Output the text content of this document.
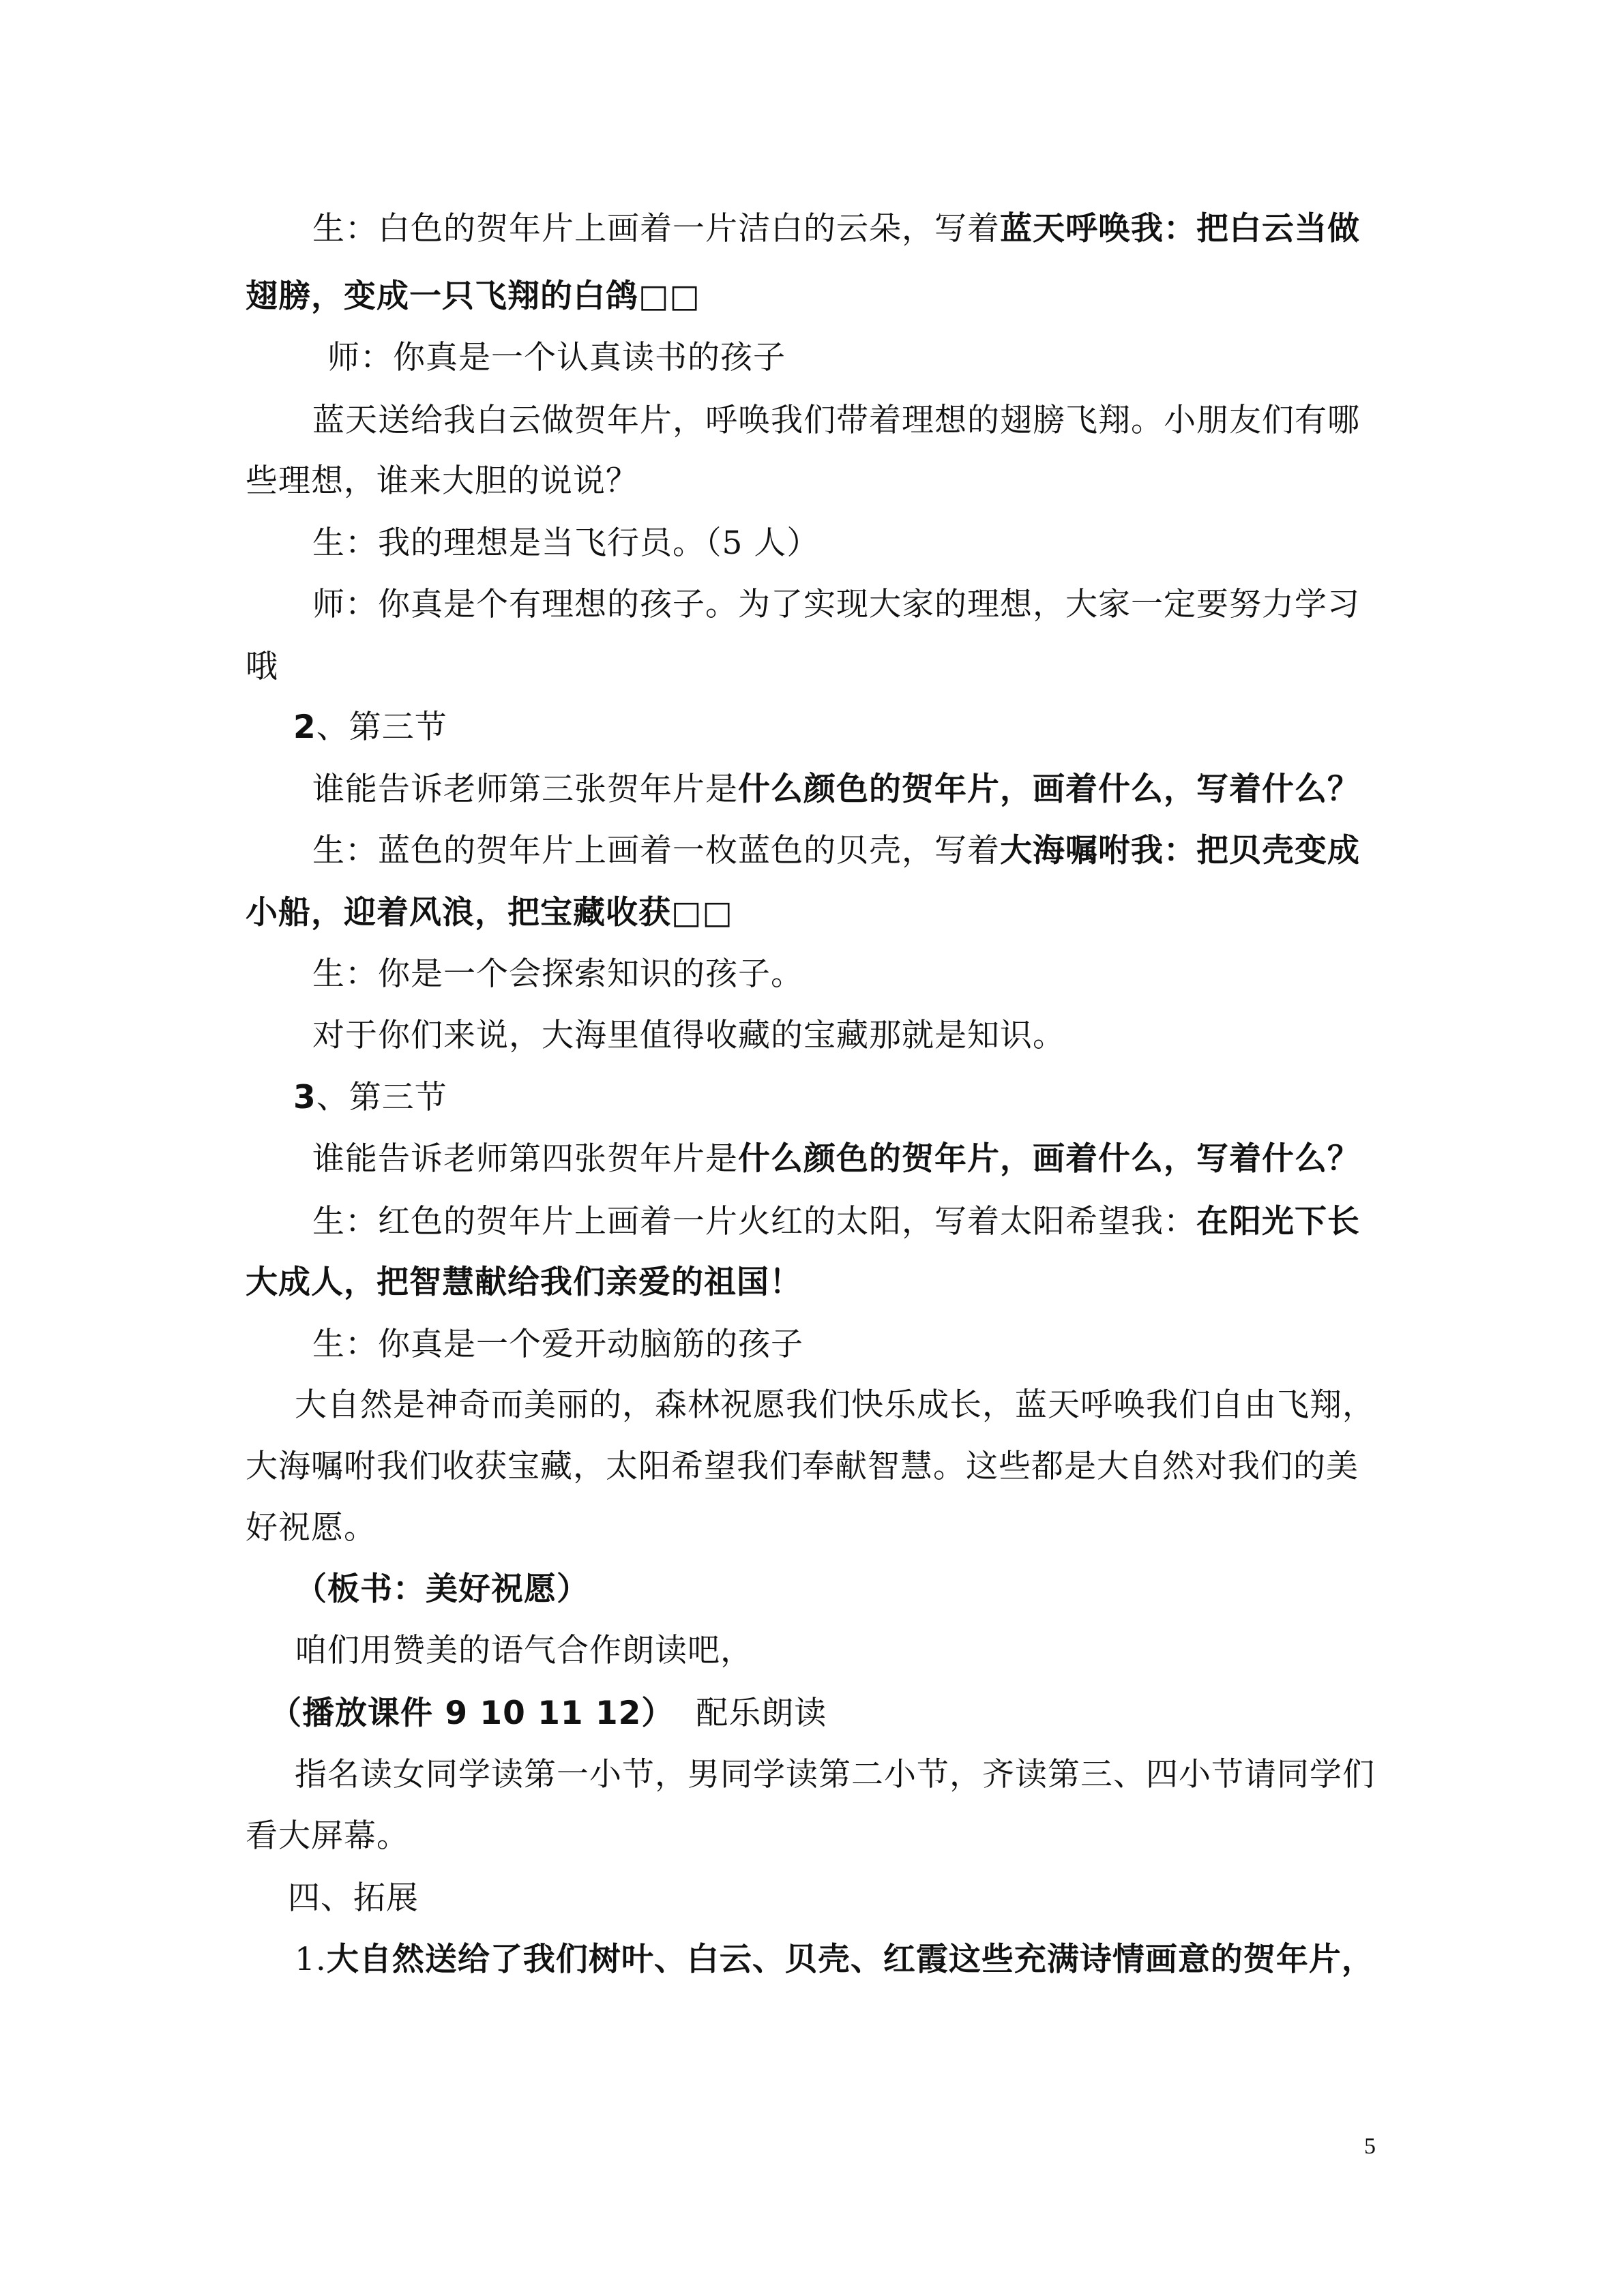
生：白色的贺年片上画着一片洁白的云朵，写着蓝天呼唤我：把白云当做
翅膀，变成一只飞翔的白鸽□□
师：你真是一个认真读书的孩子
蓝天送给我白云做贺年片，呼唤我们带着理想的翅膀飞翔。小朋友们有哪
些理想，谁来大胆的说说？
生：我的理想是当飞行员。（5 人）
师：你真是个有理想的孩子。为了实现大家的理想，大家一定要努力学习
哦
2、第三节
谁能告诉老师第三张贺年片是什么颜色的贺年片，画着什么，写着什么？
生：蓝色的贺年片上画着一枚蓝色的贝壳，写着大海嘱咐我：把贝壳变成
小船，迎着风浪，把宝藏收获□□
生：你是一个会探索知识的孩子。
对于你们来说，大海里值得收藏的宝藏那就是知识。
3、第三节
谁能告诉老师第四张贺年片是什么颜色的贺年片，画着什么，写着什么？
生：红色的贺年片上画着一片火红的太阳，写着太阳希望我：在阳光下长
大成人，把智慧献给我们亲爱的祖国！
生：你真是一个爱开动脑筋的孩子
大自然是神奇而美丽的，森林祝愿我们快乐成长，蓝天呼唤我们自由飞翔，
大海嘱咐我们收获宝藏，太阳希望我们奉献智慧。这些都是大自然对我们的美
好祝愿。
（板书：美好祝愿）
咱们用赞美的语气合作朗读吧，
（播放课件 9 10 11 12）  配乐朗读
指名读女同学读第一小节，男同学读第二小节，齐读第三、四小节请同学们
看大屏幕。
四、拓展
1.大自然送给了我们树叶、白云、贝壳、红霞这些充满诗情画意的贺年片，
5
